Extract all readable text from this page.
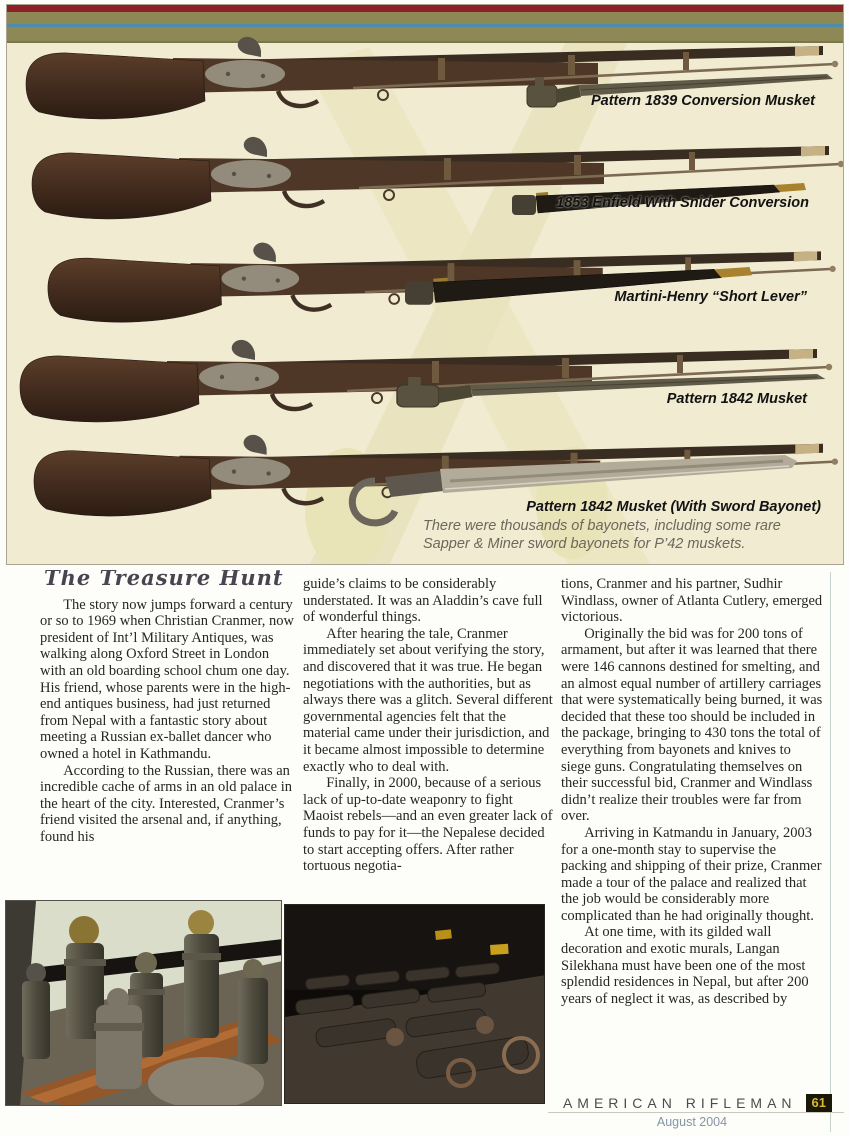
Pattern 1839 Conversion Musket
1853 Enfield With Snider Conversion
Martini-Henry “Short Lever”
Pattern 1842 Musket
Pattern 1842 Musket (With Sword Bayonet)
There were thousands of bayonets, including some rare
Sapper & Miner sword bayonets for P’42 muskets.
The Treasure Hunt

The story now jumps forward a century or so to 1969 when Christian Cranmer, now president of Int’l Military Antiques, was walking along Oxford Street in London with an old boarding school chum one day. His friend, whose parents were in the high-end antiques business, had just returned from Nepal with a fantastic story about meeting a Russian ex-ballet dancer who owned a hotel in Kathmandu.

According to the Russian, there was an incredible cache of arms in an old palace in the heart of the city. Interested, Cranmer’s friend visited the arsenal and, if anything, found his

guide’s claims to be considerably understated. It was an Aladdin’s cave full of wonderful things.

After hearing the tale, Cranmer immediately set about verifying the story, and discovered that it was true. He began negotiations with the authorities, but as always there was a glitch. Several different governmental agencies felt that the material came under their jurisdiction, and it became almost impossible to determine exactly who to deal with.

Finally, in 2000, because of a serious lack of up-to-date weaponry to fight Maoist rebels—and an even greater lack of funds to pay for it—the Nepalese decided to start accepting offers. After rather tortuous negotia-

tions, Cranmer and his partner, Sudhir Windlass, owner of Atlanta Cutlery, emerged victorious.

Originally the bid was for 200 tons of armament, but after it was learned that there were 146 cannons destined for smelting, and an almost equal number of artillery carriages that were systematically being burned, it was decided that these too should be included in the package, bringing to 430 tons the total of everything from bayonets and knives to siege guns. Congratulating themselves on their successful bid, Cranmer and Windlass didn’t realize their troubles were far from over.

Arriving in Katmandu in January, 2003 for a one-month stay to supervise the packing and shipping of their prize, Cranmer made a tour of the palace and realized that the job would be considerably more complicated than he had originally thought.

At one time, with its gilded wall decoration and exotic murals, Langan Silekhana must have been one of the most splendid residences in Nepal, but after 200 years of neglect it was, as described by

AMERICAN RIFLEMAN	61
August 2004
